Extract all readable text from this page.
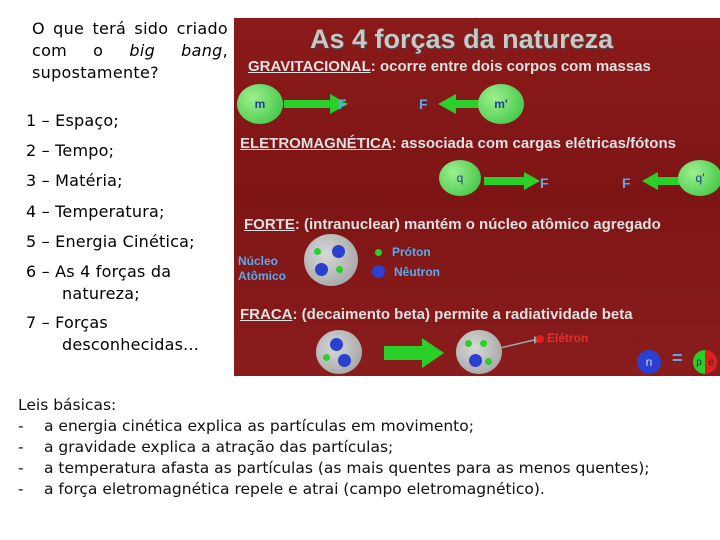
O que terá sido criado com o big bang, supostamente?
1 – Espaço;
2 – Tempo;
3 – Matéria;
4 – Temperatura;
5 – Energia Cinética;
6 – As 4 forças da
natureza;
7 – Forças
desconhecidas...
As 4 forças da natureza
GRAVITACIONAL: ocorre entre dois corpos com massas
m	F	F	m'
ELETROMAGNÉTICA: associada com cargas elétricas/fótons
q	F	F	q'
FORTE: (intranuclear) mantém o núcleo atômico agregado
Núcleo
Atômico
Próton
Nêutron
FRACA: (decaimento beta) permite a radiatividade beta
Elétron
n =	p e
Leis básicas:
- a energia cinética explica as partículas em movimento;
- a gravidade explica a atração das partículas;
- a temperatura afasta as partículas (as mais quentes para as menos quentes);
- a força eletromagnética repele e atrai (campo eletromagnético).
